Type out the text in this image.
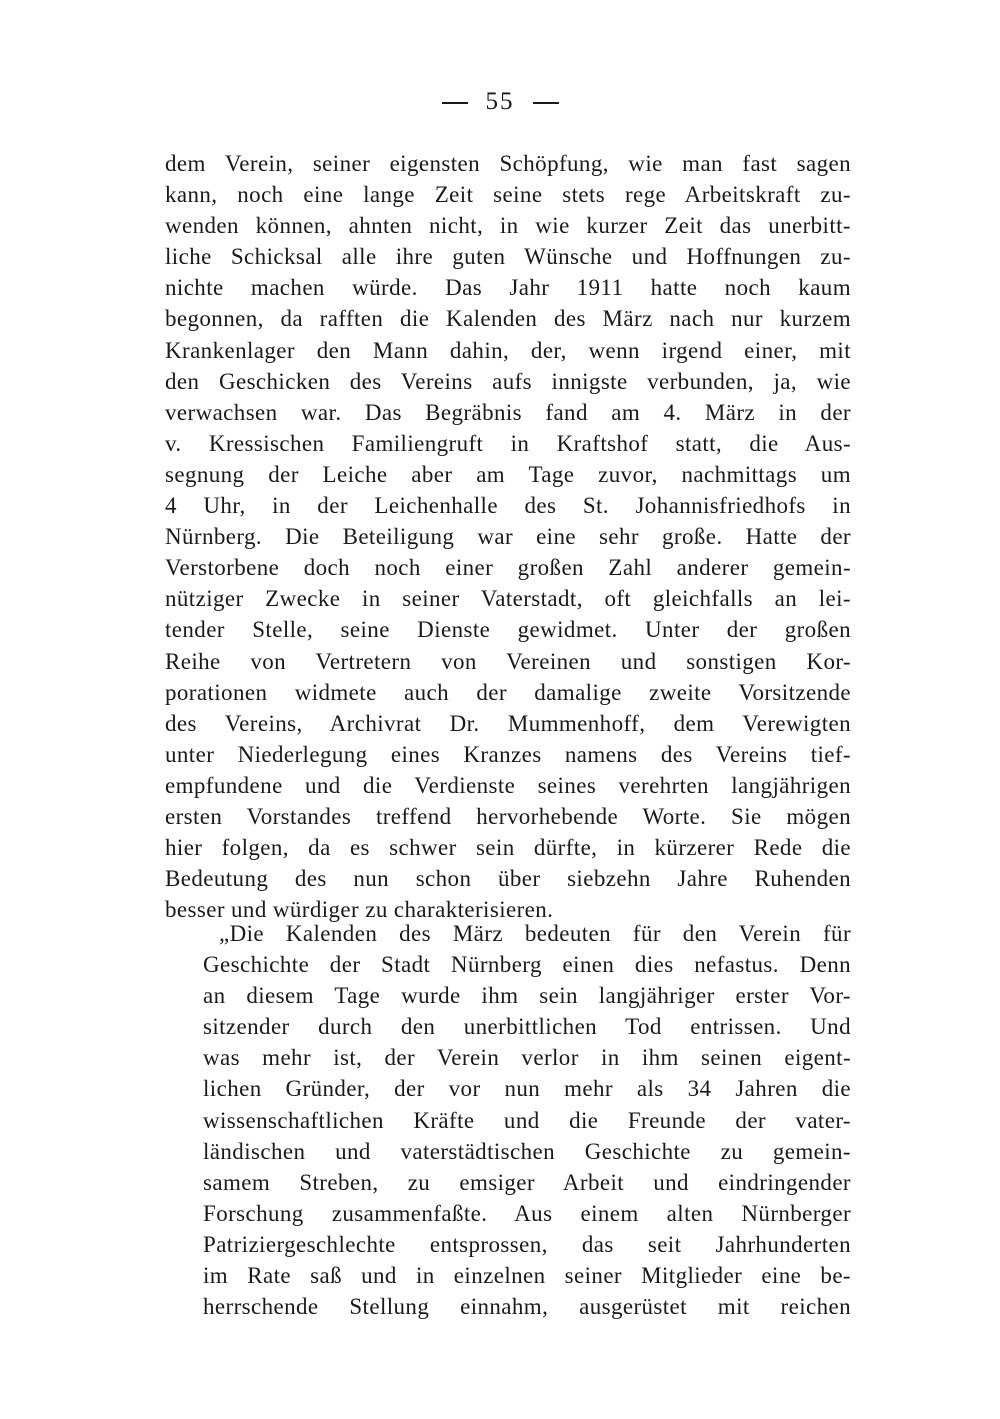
55
dem Verein, seiner eigensten Schöpfung, wie man fast sagen
kann, noch eine lange Zeit seine stets rege Arbeitskraft zu-
wenden können, ahnten nicht, in wie kurzer Zeit das unerbitt-
liche Schicksal alle ihre guten Wünsche und Hoffnungen zu-
nichte machen würde. Das Jahr 1911 hatte noch kaum
begonnen, da rafften die Kalenden des März nach nur kurzem
Krankenlager den Mann dahin, der, wenn irgend einer, mit
den Geschicken des Vereins aufs innigste verbunden, ja, wie
verwachsen war. Das Begräbnis fand am 4. März in der
v. Kressischen Familiengruft in Kraftshof statt, die Aus-
segnung der Leiche aber am Tage zuvor, nachmittags um
4 Uhr, in der Leichenhalle des St. Johannisfriedhofs in
Nürnberg. Die Beteiligung war eine sehr große. Hatte der
Verstorbene doch noch einer großen Zahl anderer gemein-
nütziger Zwecke in seiner Vaterstadt, oft gleichfalls an lei-
tender Stelle, seine Dienste gewidmet. Unter der großen
Reihe von Vertretern von Vereinen und sonstigen Kor-
porationen widmete auch der damalige zweite Vorsitzende
des Vereins, Archivrat Dr. Mummenhoff, dem Verewigten
unter Niederlegung eines Kranzes namens des Vereins tief-
empfundene und die Verdienste seines verehrten langjährigen
ersten Vorstandes treffend hervorhebende Worte. Sie mögen
hier folgen, da es schwer sein dürfte, in kürzerer Rede die
Bedeutung des nun schon über siebzehn Jahre Ruhenden
besser und würdiger zu charakterisieren.
„Die Kalenden des März bedeuten für den Verein für
Geschichte der Stadt Nürnberg einen dies nefastus. Denn
an diesem Tage wurde ihm sein langjähriger erster Vor-
sitzender durch den unerbittlichen Tod entrissen. Und
was mehr ist, der Verein verlor in ihm seinen eigent-
lichen Gründer, der vor nun mehr als 34 Jahren die
wissenschaftlichen Kräfte und die Freunde der vater-
ländischen und vaterstädtischen Geschichte zu gemein-
samem Streben, zu emsiger Arbeit und eindringender
Forschung zusammenfaßte. Aus einem alten Nürnberger
Patriziergeschlechte entsprossen, das seit Jahrhunderten
im Rate saß und in einzelnen seiner Mitglieder eine be-
herrschende Stellung einnahm, ausgerüstet mit reichen
